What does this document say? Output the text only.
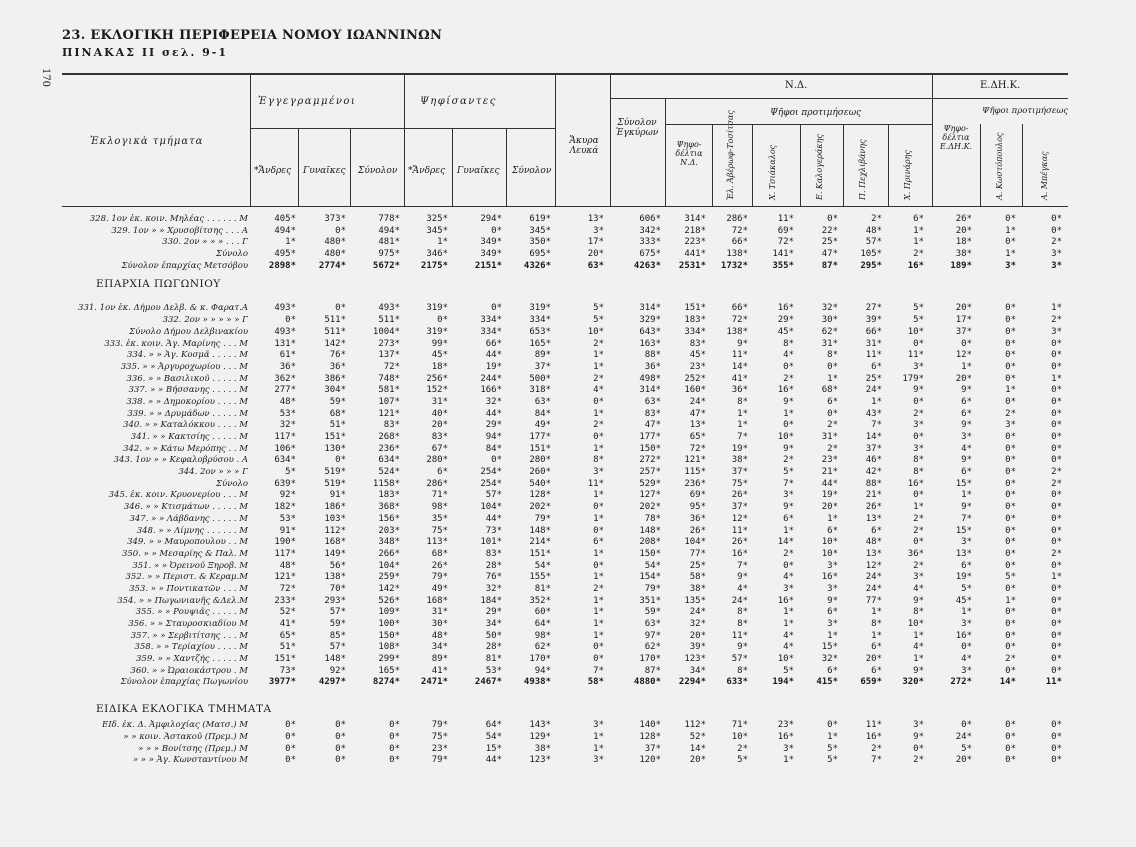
23. ΕΚΛΟΓΙΚΗ ΠΕΡΙΦΕΡΕΙΑ ΝΟΜΟΥ ΙΩΑΝΝΙΝΩΝ
ΠΙΝΑΚΑΣ ΙΙ σελ. 9-1
170
Ἐκλογικὰ τμήματα
Ἐγγεγραμμένοι	Ψηφίσαντες
*Ἄνδρες Γυναῖκες Σύνολον *Ἄνδρες Γυναῖκες Σύνολον
Ἄκυρα Λευκά
Σύνολον Ἐγκύρων
Ν.Δ.
Ψηφο-δέλτια Ν.Δ.
Ψῆφοι προτιμήσεως
Ἐλ. Ἀβέρωφ-Τοσίτσας	Χ. Τσιάκαλος	Ε. Καλογεράκης	Π. Πεχλιβάνης	Χ. Πρινάρης
Ε.ΔΗ.Κ.
Ψηφο-δέλτια Ε.ΔΗ.Κ.
Ψῆφοι προτιμήσεως
Α. Κωστόπουλος	Α. Μπέγκας
328. 1ον ἐκ. κοιν. Μηλέας . . . . . . Μ	405*	373*	778*	325*	294*	619*	13*	606*	314* 286*	11*	0*	2*	6*	26*	0*	0*
329. 1ον » » Χρυσοβίτσης . . . Α	494*	0*	494*	345*	0*	345*	3*	342*	218*	72*	69*	22*	48*	1*	20*	1*	0*
330. 2ον » » » . . . Γ	1*	480*	481*	1*	349*	350*	17*	333*	223*	66*	72*	25*	57*	1*	18*	0*	2*
Σύνολο	495*	480*	975*	346*	349*	695*	20*	675*	441* 138*	141*	47* 105*	2*	38*	1*	3*
Σύνολον ἐπαρχίας Μετσόβου 2898*	2774*	5672* 2175*	2151* 4326*	63*	4263* 2531* 1732*	355*	87* 295*	16*	189*	3*	3*
ΕΠΑΡΧΙΑ ΠΩΓΩΝΙΟΥ
331. 1ον ἐκ. Δήμου Δελβ. & κ. Φαρατ.Α	493*	0*	493*	319*	0*	319*	5*	314*	151*	66*	16*	32*	27*	5*	20*	0*	1*
332. 2ον » » » » » Γ	0*	511*	511*	0*	334*	334*	5*	329*	183*	72*	29*	30*	39*	5*	17*	0*	2*
Σύνολο Δήμου Δελβινακίου	493*	511*	1004*	319*	334*	653*	10*	643*	334* 138*	45*	62*	66*	10*	37*	0*	3*
333. ἐκ. κοιν. Ἁγ. Μαρίνης . . . Μ	131*	142*	273*	99*	66*	165*	2*	163*	83*	9*	8*	31*	31*	0*	0*	0*	0*
334. » » Ἁγ. Κοσμᾶ . . . . . Μ	61*	76*	137*	45*	44*	89*	1*	88*	45*	11*	4*	8*	11*	11*	12*	0*	0*
335. » » Ἀργυροχωρίου . . . Μ	36*	36*	72*	18*	19*	37*	1*	36*	23*	14*	0*	0*	6*	3*	1*	0*	0*
336. » » Βασιλικοῦ . . . . . Μ	362*	386*	748*	256*	244*	500*	2*	498*	252*	41*	2*	1*	25* 179*	20*	0*	1*
337. » » Βήσσανης . . . . . Μ	277*	304*	581*	152*	166*	318*	4*	314*	160*	36*	16*	68*	24*	9*	9*	1*	0*
338. » » Δημοκορίου . . . . Μ	48*	59*	107*	31*	32*	63*	0*	63*	24*	8*	9*	6*	1*	0*	6*	0*	0*
339. » » Δρυμάδων . . . . . Μ	53*	68*	121*	40*	44*	84*	1*	83*	47*	1*	1*	0*	43*	2*	6*	2*	0*
340. » » Καταλόκκου . . . . Μ	32*	51*	83*	20*	29*	49*	2*	47*	13*	1*	0*	2*	7*	3*	9*	3*	0*
341. » » Κακτσίης . . . . . Μ	117*	151*	268*	83*	94*	177*	0*	177*	65*	7*	10*	31*	14*	0*	3*	0*	0*
342. » » Κάτω Μερόπης . . Μ	106*	130*	236*	67*	84*	151*	1*	150*	72*	19*	9*	2*	37*	3*	4*	0*	0*
343. 1ον » » Κεφαλοβρύσου . Α	634*	0*	634*	280*	0*	280*	8*	272*	121*	38*	2*	23*	46*	8*	9*	0*	0*
344. 2ον » » » Γ	5*	519*	524*	6*	254*	260*	3*	257*	115*	37*	5*	21*	42*	8*	6*	0*	2*
Σύνολο	639*	519*	1158*	286*	254*	540*	11*	529*	236*	75*	7*	44*	88*	16*	15*	0*	2*
345. ἐκ. κοιν. Κρυονερίου . . . Μ	92*	91*	183*	71*	57*	128*	1*	127*	69*	26*	3*	19*	21*	0*	1*	0*	0*
346. » » Κτισμάτων . . . . . Μ	182*	186*	368*	98*	104*	202*	0*	202*	95*	37*	9*	20*	26*	1*	9*	0*	0*
347. » » Λάβδανης . . . . . Μ	53*	103*	156*	35*	44*	79*	1*	78*	36*	12*	6*	1*	13*	2*	7*	0*	0*
348. » » Λίμνης . . . . . . Μ	91*	112*	203*	75*	73*	148*	0*	148*	26*	11*	1*	6*	6*	2*	15*	0*	0*
349. » » Μαυροπουλου . . Μ	190*	168*	348*	113*	101*	214*	6*	208*	104*	26*	14*	10*	48*	0*	3*	0*	0*
350. » » Μεσαρίης & Παλ. Μ	117*	149*	266*	68*	83*	151*	1*	150*	77*	16*	2*	10*	13*	36*	13*	0*	2*
351. » » Ὀρεινοῦ Ξηροβ. Μ	48*	56*	104*	26*	28*	54*	0*	54*	25*	7*	0*	3*	12*	2*	6*	0*	0*
352. » » Περιστ. & Κεραμ.Μ	121*	138*	259*	79*	76*	155*	1*	154*	58*	9*	4*	16*	24*	3*	19*	5*	1*
353. » » Ποντικατῶν . . . Μ	72*	70*	142*	49*	32*	81*	2*	79*	38*	4*	3*	3*	24*	4*	5*	0*	0*
354. » » Πωγωνιανῆς &Δελ.Μ	233*	293*	526*	168*	184*	352*	1*	351*	135*	24*	16*	9*	77*	9*	45*	1*	0*
355. » » Ρουψιᾶς . . . . . Μ	52*	57*	109*	31*	29*	60*	1*	59*	24*	8*	1*	6*	1*	8*	1*	0*	0*
356. » » Σταυροσκιαδίου Μ	41*	59*	100*	30*	34*	64*	1*	63*	32*	8*	1*	3*	8*	10*	3*	0*	0*
357. » » Σερβιτίτσης . . . Μ	65*	85*	150*	48*	50*	98*	1*	97*	20*	11*	4*	1*	1*	1*	16*	0*	0*
358. » » Τερίαχίου . . . . Μ	51*	57*	108*	34*	28*	62*	0*	62*	39*	9*	4*	15*	6*	4*	0*	0*	0*
359. » » Χαντζής . . . . . Μ	151*	148*	299*	89*	81*	170*	0*	170*	123*	57*	10*	32*	20*	1*	4*	2*	0*
360. » » Ὠραιοκάστρου . Μ	73*	92*	165*	41*	53*	94*	7*	87*	34*	8*	5*	6*	6*	9*	3*	0*	0*
Σύνολον ἐπαρχίας Πωγωνίου 3977*	4297*	8274* 2471*	2467* 4938*	58*	4880* 2294* 633*	194* 415* 659* 320*	272*	14*	11*
ΕΙΔΙΚΑ ΕΚΛΟΓΙΚΑ ΤΜΗΜΑΤΑ
ΕΙδ. ἐκ. Δ. Ἀμφιλοχίας (Ματσ.) Μ	0*	0*	0*	79*	64*	143*	3*	140*	112*	71*	23*	0*	11*	3*	0*	0*	0*
» » κοιν. Ἀστακοῦ (Πρεμ.) Μ	0*	0*	0*	75*	54*	129*	1*	128*	52*	10*	16*	1*	16*	9*	24*	0*	0*
» » » Βονίτσης (Πρεμ.) Μ	0*	0*	0*	23*	15*	38*	1*	37*	14*	2*	3*	5*	2*	0*	5*	0*	0*
» » » Ἁγ. Κωνσταντίνου Μ	0*	0*	0*	79*	44*	123*	3*	120*	20*	5*	1*	5*	7*	2*	20*	0*	0*
